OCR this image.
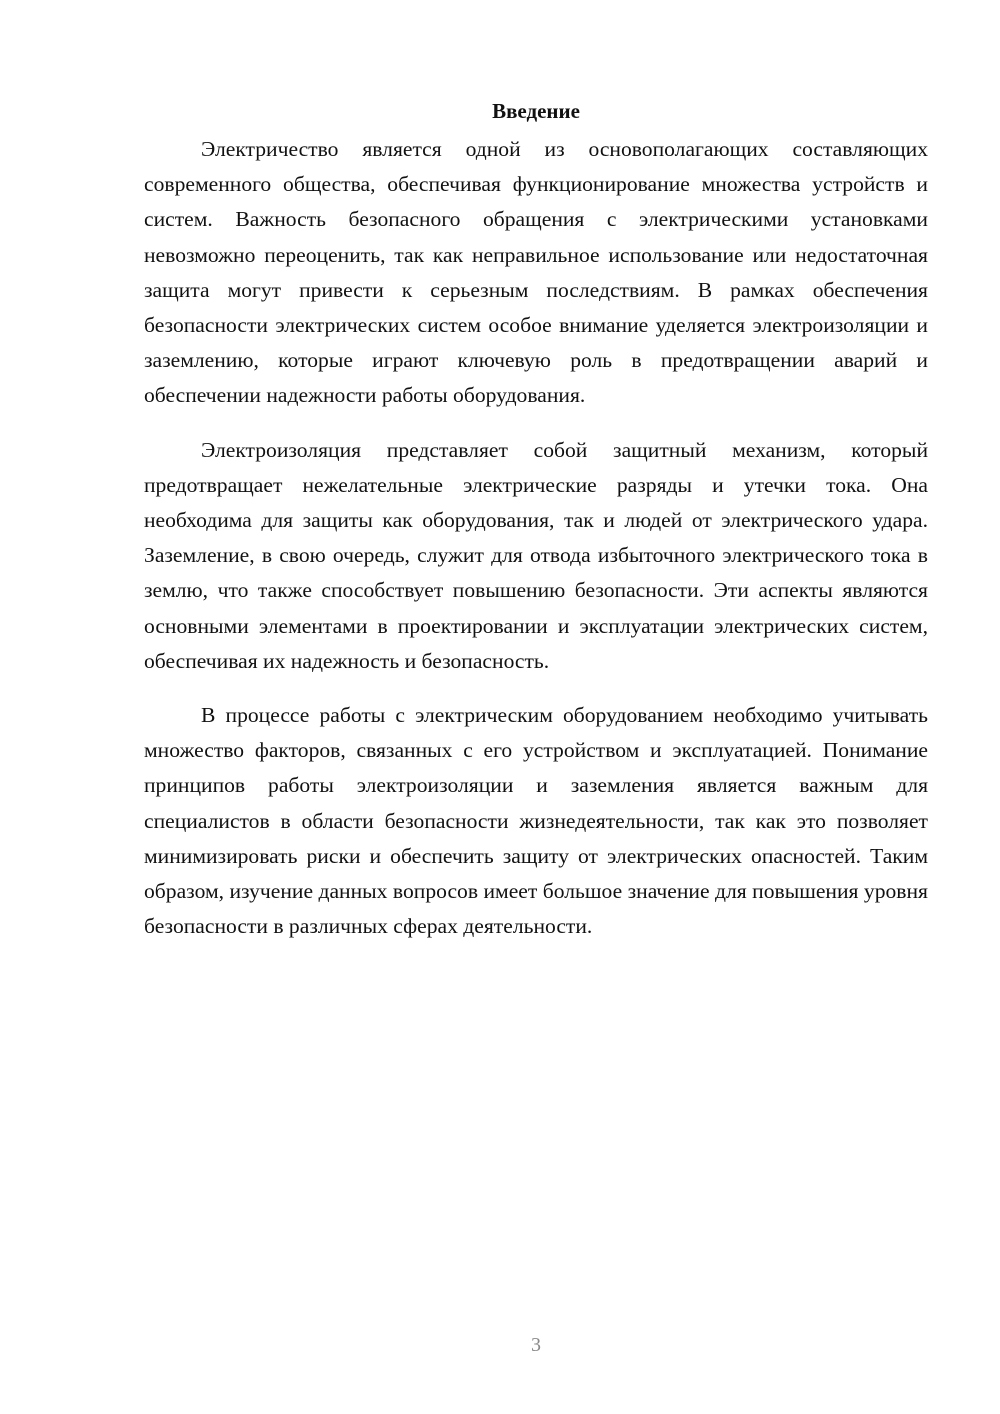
Введение

Электричество является одной из основополагающих составляющих современного общества, обеспечивая функционирование множества устройств и систем. Важность безопасного обращения с электрическими установками невозможно переоценить, так как неправильное использование или недостаточная защита могут привести к серьезным последствиям. В рамках обеспечения безопасности электрических систем особое внимание уделяется электроизоляции и заземлению, которые играют ключевую роль в предотвращении аварий и обеспечении надежности работы оборудования.

Электроизоляция представляет собой защитный механизм, который предотвращает нежелательные электрические разряды и утечки тока. Она необходима для защиты как оборудования, так и людей от электрического удара. Заземление, в свою очередь, служит для отвода избыточного электрического тока в землю, что также способствует повышению безопасности. Эти аспекты являются основными элементами в проектировании и эксплуатации электрических систем, обеспечивая их надежность и безопасность.

В процессе работы с электрическим оборудованием необходимо учитывать множество факторов, связанных с его устройством и эксплуатацией. Понимание принципов работы электроизоляции и заземления является важным для специалистов в области безопасности жизнедеятельности, так как это позволяет минимизировать риски и обеспечить защиту от электрических опасностей. Таким образом, изучение данных вопросов имеет большое значение для повышения уровня безопасности в различных сферах деятельности.

3
